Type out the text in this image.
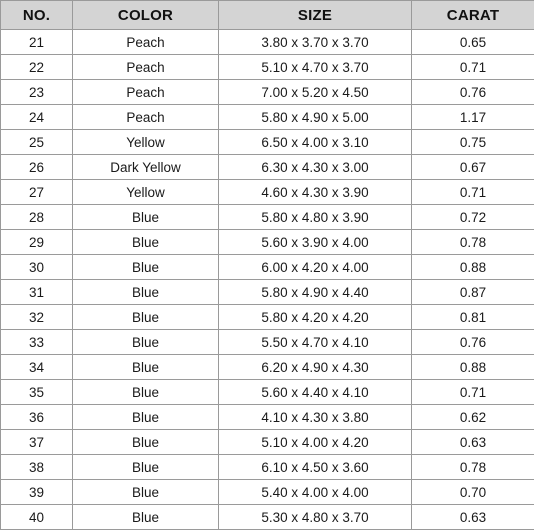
NO.	COLOR	SIZE	CARAT
21	Peach	3.80 x 3.70 x 3.70	0.65
22	Peach	5.10 x 4.70 x 3.70	0.71
23	Peach	7.00 x 5.20 x 4.50	0.76
24	Peach	5.80 x 4.90 x 5.00	1.17
25	Yellow	6.50 x 4.00 x 3.10	0.75
26	Dark Yellow	6.30 x 4.30 x 3.00	0.67
27	Yellow	4.60 x 4.30 x 3.90	0.71
28	Blue	5.80 x 4.80 x 3.90	0.72
29	Blue	5.60 x 3.90 x 4.00	0.78
30	Blue	6.00 x 4.20 x 4.00	0.88
31	Blue	5.80 x 4.90 x 4.40	0.87
32	Blue	5.80 x 4.20 x 4.20	0.81
33	Blue	5.50 x 4.70 x 4.10	0.76
34	Blue	6.20 x 4.90 x 4.30	0.88
35	Blue	5.60 x 4.40 x 4.10	0.71
36	Blue	4.10 x 4.30 x 3.80	0.62
37	Blue	5.10 x 4.00 x 4.20	0.63
38	Blue	6.10 x 4.50 x 3.60	0.78
39	Blue	5.40 x 4.00 x 4.00	0.70
40	Blue	5.30 x 4.80 x 3.70	0.63
